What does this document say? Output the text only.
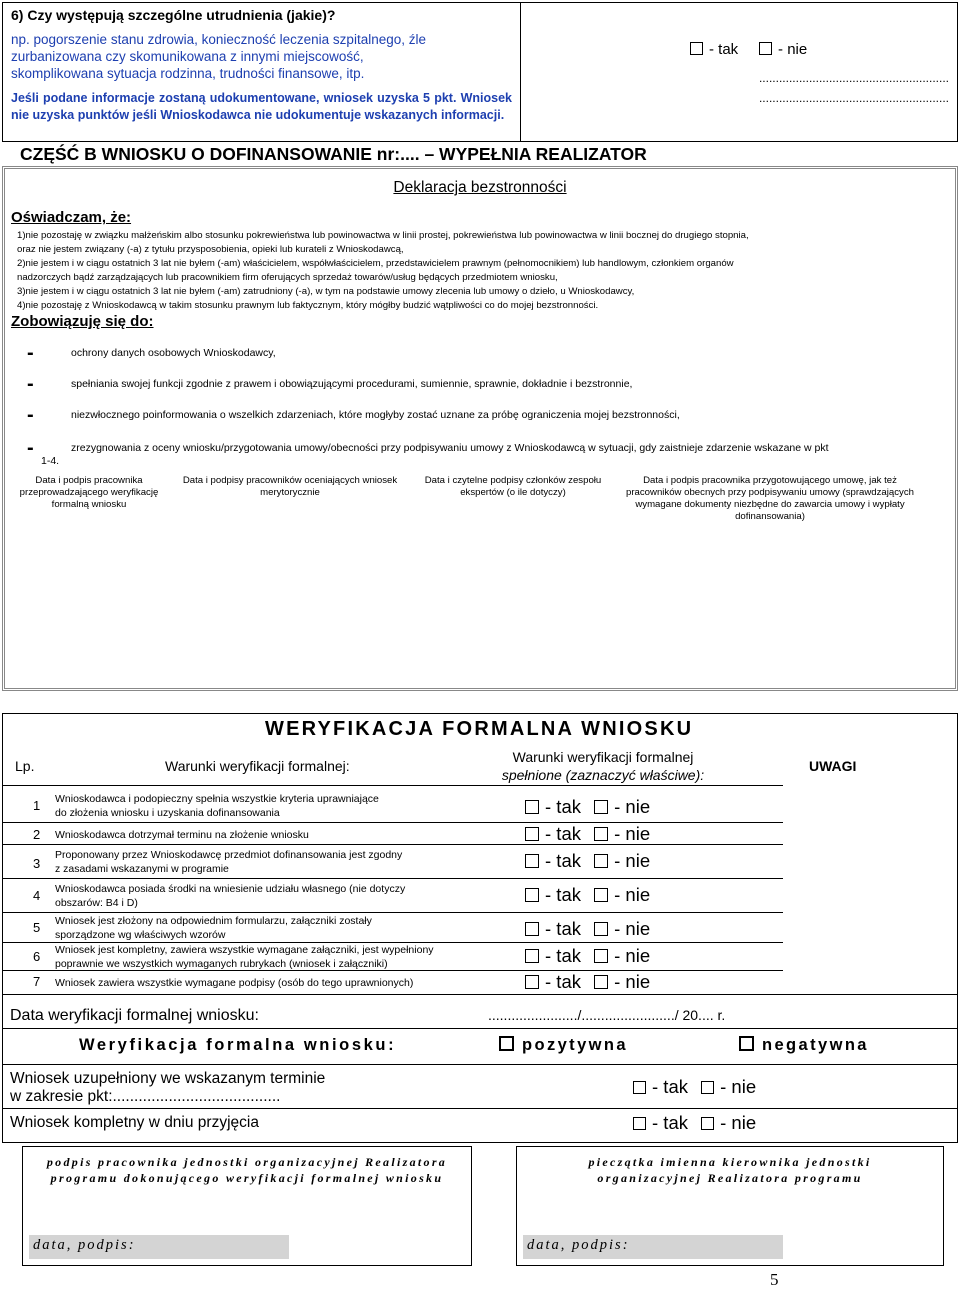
6) Czy występują szczególne utrudnienia (jakie)?
np. pogorszenie stanu zdrowia, konieczność leczenia szpitalnego, źle
zurbanizowana czy skomunikowana z innymi miejscowość,
skomplikowana sytuacja rodzinna, trudności finansowe, itp.
Jeśli podane informacje zostaną udokumentowane, wniosek uzyska 5 pkt. Wniosek nie uzyska punktów jeśli Wnioskodawca nie udokumentuje wskazanych informacji.
- tak	- nie
.........................................................
.........................................................
CZĘŚĆ B WNIOSKU O DOFINANSOWANIE nr:.... – WYPEŁNIA REALIZATOR
Deklaracja bezstronności
Oświadczam, że:
1)nie pozostaję w związku małżeńskim albo stosunku pokrewieństwa lub powinowactwa w linii prostej, pokrewieństwa lub powinowactwa w linii bocznej do drugiego stopnia,
oraz nie jestem związany (-a) z tytułu przysposobienia, opieki lub kurateli z Wnioskodawcą,
2)nie jestem i w ciągu ostatnich 3 lat nie byłem (-am) właścicielem, współwłaścicielem, przedstawicielem prawnym (pełnomocnikiem) lub handlowym, członkiem organów
nadzorczych bądź zarządzających lub pracownikiem firm oferujących sprzedaż towarów/usług będących przedmiotem wniosku,
3)nie jestem i w ciągu ostatnich 3 lat nie byłem (-am) zatrudniony (-a), w tym na podstawie umowy zlecenia lub umowy o dzieło, u Wnioskodawcy,
4)nie pozostaję z Wnioskodawcą w takim stosunku prawnym lub faktycznym, który mógłby budzić wątpliwości co do mojej bezstronności.
Zobowiązuję się do:
-	ochrony danych osobowych Wnioskodawcy,
-	spełniania swojej funkcji zgodnie z prawem i obowiązującymi procedurami, sumiennie, sprawnie, dokładnie i bezstronnie,
-	niezwłocznego poinformowania o wszelkich zdarzeniach, które mogłyby zostać uznane za próbę ograniczenia mojej bezstronności,
-	zrezygnowania z oceny wniosku/przygotowania umowy/obecności przy podpisywaniu umowy z Wnioskodawcą w sytuacji, gdy zaistnieje zdarzenie wskazane w pkt
1-4.
Data i podpis pracownika przeprowadzającego weryfikację formalną wniosku
Data i podpisy pracowników oceniających wniosek merytorycznie
Data i czytelne podpisy członków zespołu ekspertów (o ile dotyczy)
Data i podpis pracownika przygotowującego umowę, jak też pracowników obecnych przy podpisywaniu umowy (sprawdzających wymagane dokumenty niezbędne do zawarcia umowy i wypłaty dofinansowania)
WERYFIKACJA FORMALNA WNIOSKU
Lp.	Warunki weryfikacji formalnej:
Warunki weryfikacji formalnej
spełnione (zaznaczyć właściwe):
UWAGI
1 Wnioskodawca i podopieczny spełnia wszystkie kryteria uprawniające
do złożenia wniosku i uzyskania dofinansowania	- tak - nie
2 Wnioskodawca dotrzymał terminu na złożenie wniosku	- tak - nie
3
Proponowany przez Wnioskodawcę przedmiot dofinansowania jest zgodny
z zasadami wskazanymi w programie	- tak - nie
4 Wnioskodawca posiada środki na wniesienie udziału własnego (nie dotyczy
obszarów: B4 i D)	- tak - nie
5 Wniosek jest złożony na odpowiednim formularzu, załączniki zostały
sporządzone wg właściwych wzorów	- tak - nie
6 Wniosek jest kompletny, zawiera wszystkie wymagane załączniki, jest wypełniony
poprawnie we wszystkich wymaganych rubrykach (wniosek i załączniki)	- tak - nie
7 Wniosek zawiera wszystkie wymagane podpisy (osób do tego uprawnionych)	- tak - nie
Data weryfikacji formalnej wniosku:	......................./......................../ 20.... r.
Weryfikacja formalna wniosku:	pozytywna	negatywna
Wniosek uzupełniony we wskazanym terminie
w zakresie pkt:.......................................	- tak - nie
Wniosek kompletny w dniu przyjęcia	- tak - nie
podpis pracownika jednostki organizacyjnej Realizatora programu dokonującego weryfikacji formalnej wniosku
data, podpis:
pieczątka imienna kierownika jednostki organizacyjnej Realizatora programu
data, podpis:
5
